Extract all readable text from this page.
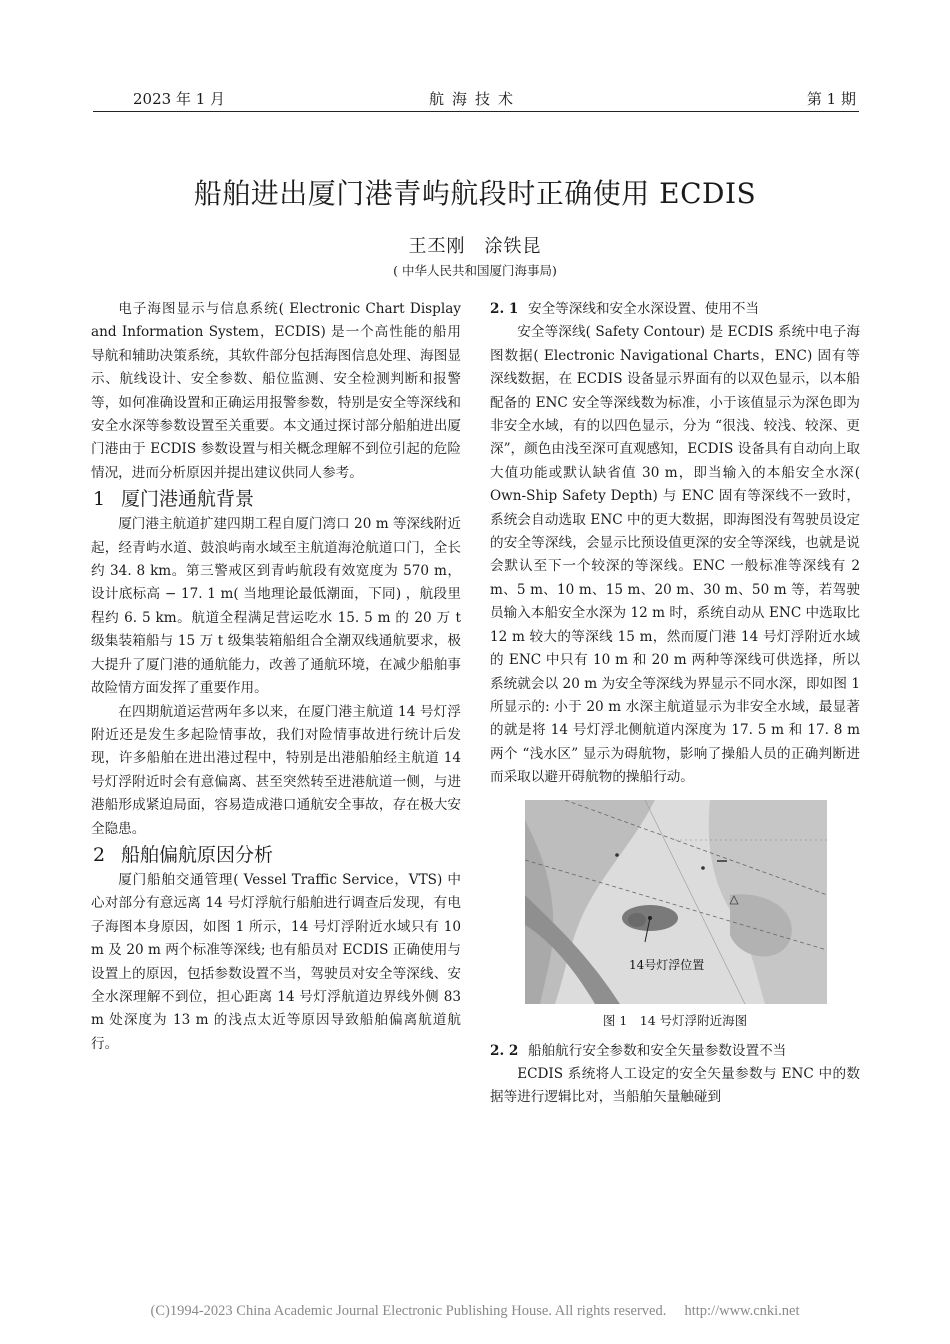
2023 年 1 月	航海技术	第 1 期
船舶进出厦门港青屿航段时正确使用 ECDIS
王丕刚　涂铁昆
( 中华人民共和国厦门海事局)

电子海图显示与信息系统( Electronic Chart Display and Information System，ECDIS) 是一个高性能的船用导航和辅助决策系统，其软件部分包括海图信息处理、海图显示、航线设计、安全参数、船位监测、安全检测判断和报警等，如何准确设置和正确运用报警参数，特别是安全等深线和安全水深等参数设置至关重要。本文通过探讨部分船舶进出厦门港由于 ECDIS 参数设置与相关概念理解不到位引起的危险情况，进而分析原因并提出建议供同人参考。

1 厦门港通航背景

厦门港主航道扩建四期工程自厦门湾口 20 m 等深线附近起，经青屿水道、鼓浪屿南水域至主航道海沧航道口门，全长约 34. 8 km。第三警戒区到青屿航段有效宽度为 570 m，设计底标高 − 17. 1 m( 当地理论最低潮面，下同) ，航段里程约 6. 5 km。航道全程满足营运吃水 15. 5 m 的 20 万 t 级集装箱船与 15 万 t 级集装箱船组合全潮双线通航要求，极大提升了厦门港的通航能力，改善了通航环境，在减少船舶事故险情方面发挥了重要作用。

在四期航道运营两年多以来，在厦门港主航道 14 号灯浮附近还是发生多起险情事故，我们对险情事故进行统计后发现，许多船舶在进出港过程中，特别是出港船舶经主航道 14 号灯浮附近时会有意偏离、甚至突然转至进港航道一侧，与进港船形成紧迫局面，容易造成港口通航安全事故，存在极大安全隐患。

2 船舶偏航原因分析

厦门船舶交通管理( Vessel Traffic Service，VTS) 中心对部分有意远离 14 号灯浮航行船舶进行调查后发现，有电子海图本身原因，如图 1 所示，14 号灯浮附近水域只有 10 m 及 20 m 两个标准等深线; 也有船员对 ECDIS 正确使用与设置上的原因，包括参数设置不当，驾驶员对安全等深线、安全水深理解不到位，担心距离 14 号灯浮航道边界线外侧 83 m 处深度为 13 m 的浅点太近等原因导致船舶偏离航道航行。

2. 1 安全等深线和安全水深设置、使用不当

安全等深线( Safety Contour) 是 ECDIS 系统中电子海图数据( Electronic Navigational Charts，ENC) 固有等深线数据，在 ECDIS 设备显示界面有的以双色显示，以本船配备的 ENC 安全等深线数为标准，小于该值显示为深色即为非安全水域，有的以四色显示，分为 “很浅、较浅、较深、更深”，颜色由浅至深可直观感知，ECDIS 设备具有自动向上取大值功能或默认缺省值 30 m，即当输入的本船安全水深( Own-Ship Safety Depth) 与 ENC 固有等深线不一致时，系统会自动选取 ENC 中的更大数据，即海图没有驾驶员设定的安全等深线，会显示比预设值更深的安全等深线，也就是说会默认至下一个较深的等深线。ENC 一般标准等深线有 2 m、5 m、10 m、15 m、20 m、30 m、50 m 等，若驾驶员输入本船安全水深为 12 m 时，系统自动从 ENC 中选取比 12 m 较大的等深线 15 m，然而厦门港 14 号灯浮附近水域的 ENC 中只有 10 m 和 20 m 两种等深线可供选择，所以系统就会以 20 m 为安全等深线为界显示不同水深，即如图 1 所显示的: 小于 20 m 水深主航道显示为非安全水域，最显著的就是将 14 号灯浮北侧航道内深度为 17. 5 m 和 17. 8 m 两个 “浅水区” 显示为碍航物，影响了操船人员的正确判断进而采取以避开碍航物的操船行动。

14号灯浮位置
图 1　14 号灯浮附近海图
2. 2 船舶航行安全参数和安全矢量参数设置不当

ECDIS 系统将人工设定的安全矢量参数与 ENC 中的数据等进行逻辑比对，当船舶矢量触碰到

(C)1994-2023 China Academic Journal Electronic Publishing House. All rights reserved.　 http://www.cnki.net
